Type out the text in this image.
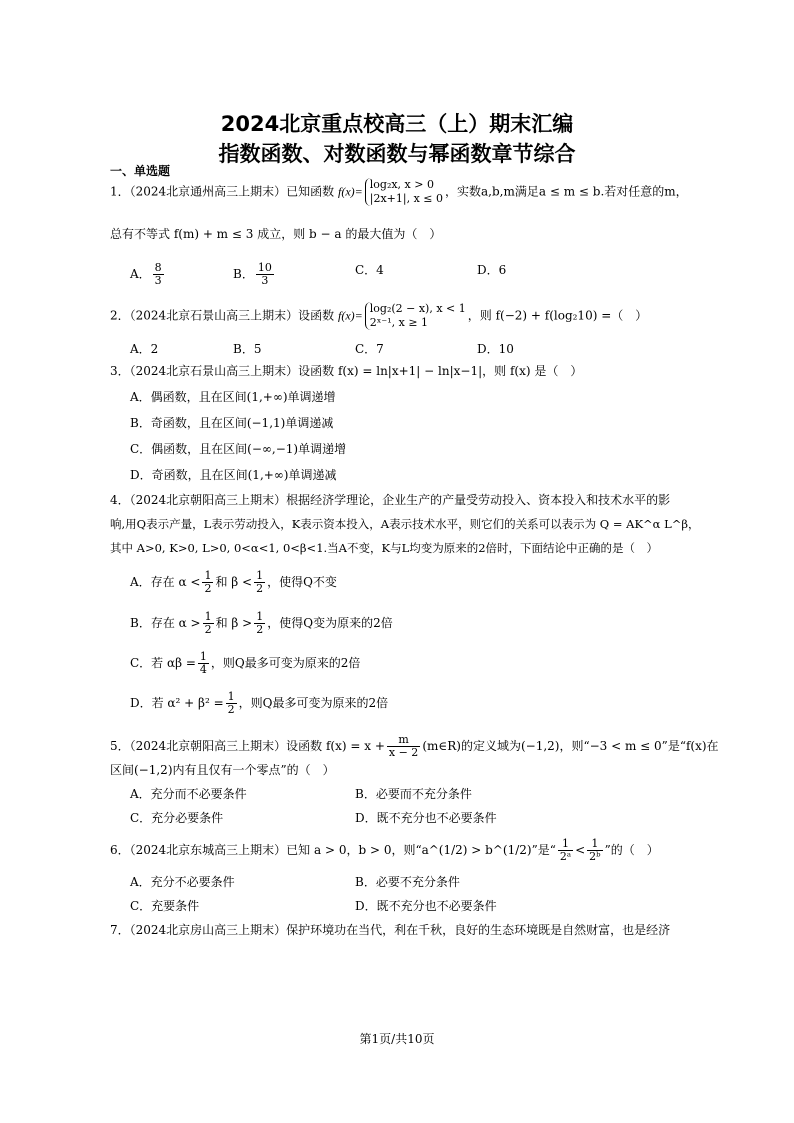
2024北京重点校高三（上）期末汇编
指数函数、对数函数与幂函数章节综合
一、单选题
1．（2024北京通州高三上期末）已知函数 f(x)= log₂x, x > 0
|2x+1|, x ≤ 0 ，实数a,b,m满足a ≤ m ≤ b.若对任意的m，
总有不等式 f(m) + m ≤ 3 成立，则 b − a 的最大值为（　）
A． $\frac{8}{3}$	B． $\frac{10}{3}$	C．4	D．6
2．（2024北京石景山高三上期末）设函数 f(x)= log₂(2 − x), x < 1
2ˣ⁻¹, x ≥ 1	，则 f(−2) + f(log₂10) =（　）
A．2	B．5	C．7	D．10
3．（2024北京石景山高三上期末）设函数 f(x) = ln|x+1| − ln|x−1|，则 f(x) 是（　）
A．偶函数，且在区间(1,+∞)单调递增
B．奇函数，且在区间(−1,1)单调递减
C．偶函数，且在区间(−∞,−1)单调递增
D．奇函数，且在区间(1,+∞)单调递减
4．（2024北京朝阳高三上期末）根据经济学理论，企业生产的产量受劳动投入、资本投入和技术水平的影
响,用Q表示产量，L表示劳动投入，K表示资本投入，A表示技术水平，则它们的关系可以表示为 Q = AK^α L^β，
其中 A>0, K>0, L>0, 0<α<1, 0<β<1.当A不变，K与L均变为原来的2倍时，下面结论中正确的是（　）
A．存在 $\alpha < \frac{1}{2}$ 和 $\beta < \frac{1}{2}$ ，使得Q不变
B．存在 $\alpha > \frac{1}{2}$ 和 $\beta > \frac{1}{2}$ ，使得Q变为原来的2倍
C．若 $\alpha\beta = \frac{1}{4}$ ，则Q最多可变为原来的2倍
D．若 $\alpha^2 + \beta^2 = \frac{1}{2}$ ，则Q最多可变为原来的2倍
5．（2024北京朝阳高三上期末）设函数 $f(x) = x + \frac{m}{x - 2}$ (m∈R)的定义域为(−1,2)，则“−3 < m ≤ 0”是“f(x)在
区间(−1,2)内有且仅有一个零点”的（　）
A．充分而不必要条件	B．必要而不充分条件
C．充分必要条件	D．既不充分也不必要条件
6．（2024北京东城高三上期末）已知 a > 0，b > 0，则“a^(1/2) > b^(1/2)”是“ $\frac{1}{\text{2ᵃ}} < \frac{1}{\text{2ᵇ}}$ ”的（　）
A．充分不必要条件	B．必要不充分条件
C．充要条件	D．既不充分也不必要条件
7．（2024北京房山高三上期末）保护环境功在当代，利在千秋，良好的生态环境既是自然财富，也是经济
第1页/共10页
